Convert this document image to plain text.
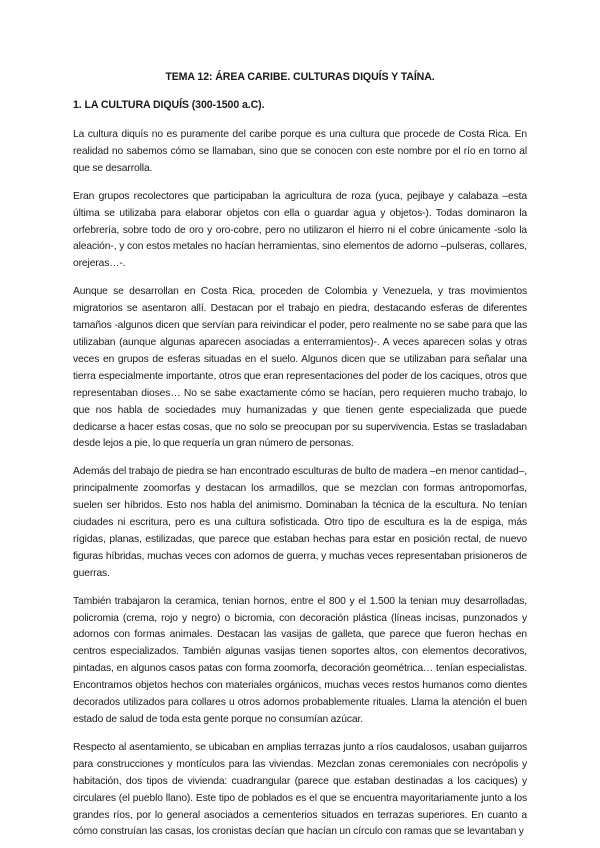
TEMA 12: ÁREA CARIBE. CULTURAS DIQUÍS Y TAÍNA.
1. LA CULTURA DIQUÍS (300-1500 a.C).

La cultura diquís no es puramente del caribe porque es una cultura que procede de Costa Rica. En realidad no sabemos cómo se llamaban, sino que se conocen con este nombre por el río en torno al que se desarrolla.

Eran grupos recolectores que participaban la agricultura de roza (yuca, pejibaye y calabaza –esta última se utilizaba para elaborar objetos con ella o guardar agua y objetos-). Todas dominaron la orfebrería, sobre todo de oro y oro-cobre, pero no utilizaron el hierro ni el cobre únicamente -solo la aleación-, y con estos metales no hacían herramientas, sino elementos de adorno –pulseras, collares, orejeras…-.

Aunque se desarrollan en Costa Rica, proceden de Colombia y Venezuela, y tras movimientos migratorios se asentaron allí. Destacan por el trabajo en piedra, destacando esferas de diferentes tamaños -algunos dicen que servían para reivindicar el poder, pero realmente no se sabe para que las utilizaban (aunque algunas aparecen asociadas a enterramientos)-. A veces aparecen solas y otras veces en grupos de esferas situadas en el suelo. Algunos dicen que se utilizaban para señalar una tierra especialmente importante, otros que eran representaciones del poder de los caciques, otros que representaban dioses… No se sabe exactamente cómo se hacían, pero requieren mucho trabajo, lo que nos habla de sociedades muy humanizadas y que tienen gente especializada que puede dedicarse a hacer estas cosas, que no solo se preocupan por su supervivencia. Estas se trasladaban desde lejos a pie, lo que requería un gran número de personas.

Además del trabajo de piedra se han encontrado esculturas de bulto de madera –en menor cantidad–, principalmente zoomorfas y destacan los armadillos, que se mezclan con formas antropomorfas, suelen ser híbridos. Esto nos habla del animismo. Dominaban la técnica de la escultura. No tenían ciudades ni escritura, pero es una cultura sofisticada. Otro tipo de escultura es la de espiga, más rígidas, planas, estilizadas, que parece que estaban hechas para estar en posición rectal, de nuevo figuras híbridas, muchas veces con adornos de guerra, y muchas veces representaban prisioneros de guerras.

También trabajaron la ceramica, tenian hornos, entre el 800 y el 1.500 la tenian muy desarrolladas, policromia (crema, rojo y negro) o bicromia, con decoración plástica (líneas incisas, punzonados y adornos con formas animales. Destacan las vasijas de galleta, que parece que fueron hechas en centros especializados. También algunas vasijas tienen soportes altos, con elementos decorativos, pintadas, en algunos casos patas con forma zoomorfa, decoración geométrica… tenían especialistas. Encontramos objetos hechos con materiales orgánicos, muchas veces restos humanos como dientes decorados utilizados para collares u otros adornos probablemente rituales. Llama la atención el buen estado de salud de toda esta gente porque no consumían azúcar.

Respecto al asentamiento, se ubicaban en amplias terrazas junto a ríos caudalosos, usaban guijarros para construcciones y montículos para las viviendas. Mezclan zonas ceremoniales con necrópolis y habitación, dos tipos de vivienda: cuadrangular (parece que estaban destinadas a los caciques) y circulares (el pueblo llano). Este tipo de poblados es el que se encuentra mayoritariamente junto a los grandes ríos, por lo general asociados a cementerios situados en terrazas superiores. En cuanto a cómo construían las casas, los cronistas decían que hacían un círculo con ramas que se levantaban y
